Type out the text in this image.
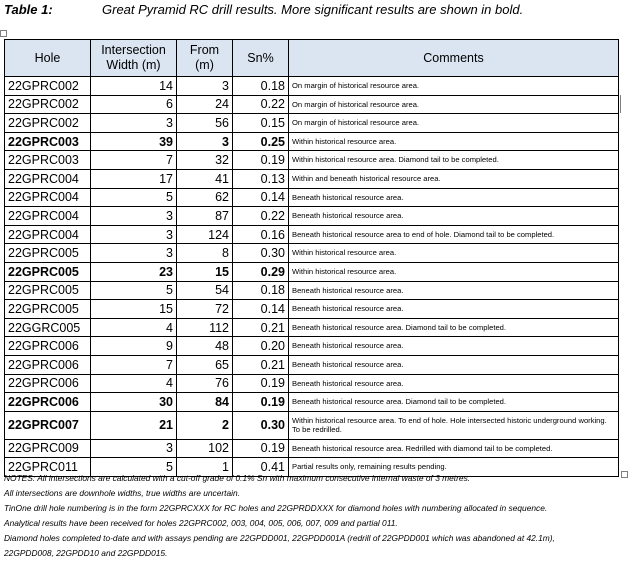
Table 1:	Great Pyramid RC drill results. More significant results are shown in bold.
Hole	Intersection Width (m)	From (m)	Sn%	Comments
22GPRC002	14	3	0.18	On margin of historical resource area.
22GPRC002	6	24	0.22	On margin of historical resource area.
22GPRC002	3	56	0.15	On margin of historical resource area.
22GPRC003	39	3	0.25	Within historical resource area.
22GPRC003	7	32	0.19	Within historical resource area. Diamond tail to be completed.
22GPRC004	17	41	0.13	Within and beneath historical resource area.
22GPRC004	5	62	0.14	Beneath historical resource area.
22GPRC004	3	87	0.22	Beneath historical resource area.
22GPRC004	3	124	0.16	Beneath historical resource area to end of hole. Diamond tail to be completed.
22GPRC005	3	8	0.30	Within historical resource area.
22GPRC005	23	15	0.29	Within historical resource area.
22GPRC005	5	54	0.18	Beneath historical resource area.
22GPRC005	15	72	0.14	Beneath historical resource area.
22GGRC005	4	112	0.21	Beneath historical resource area. Diamond tail to be completed.
22GPRC006	9	48	0.20	Beneath historical resource area.
22GPRC006	7	65	0.21	Beneath historical resource area.
22GPRC006	4	76	0.19	Beneath historical resource area.
22GPRC006	30	84	0.19	Beneath historical resource area. Diamond tail to be completed.
22GPRC007	21	2	0.30	Within historical resource area. To end of hole. Hole intersected historic underground working. To be redrilled.
22GPRC009	3	102	0.19	Beneath historical resource area. Redrilled with diamond tail to be completed.
22GPRC011	5	1	0.41	Partial results only, remaining results pending.
NOTES: All intersections are calculated with a cut-off grade of 0.1% Sn with maximum consecutive internal waste of 3 metres.
All intersections are downhole widths, true widths are uncertain.
TinOne drill hole numbering is in the form 22GPRCXXX for RC holes and 22GPRDDXXX for diamond holes with numbering allocated in sequence.
Analytical results have been received for holes 22GPRC002, 003, 004, 005, 006, 007, 009 and partial 011.
Diamond holes completed to-date and with assays pending are 22GPDD001, 22GPDD001A (redrill of 22GPDD001 which was abandoned at 42.1m),
22GPDD008, 22GPDD10 and 22GPDD015.
